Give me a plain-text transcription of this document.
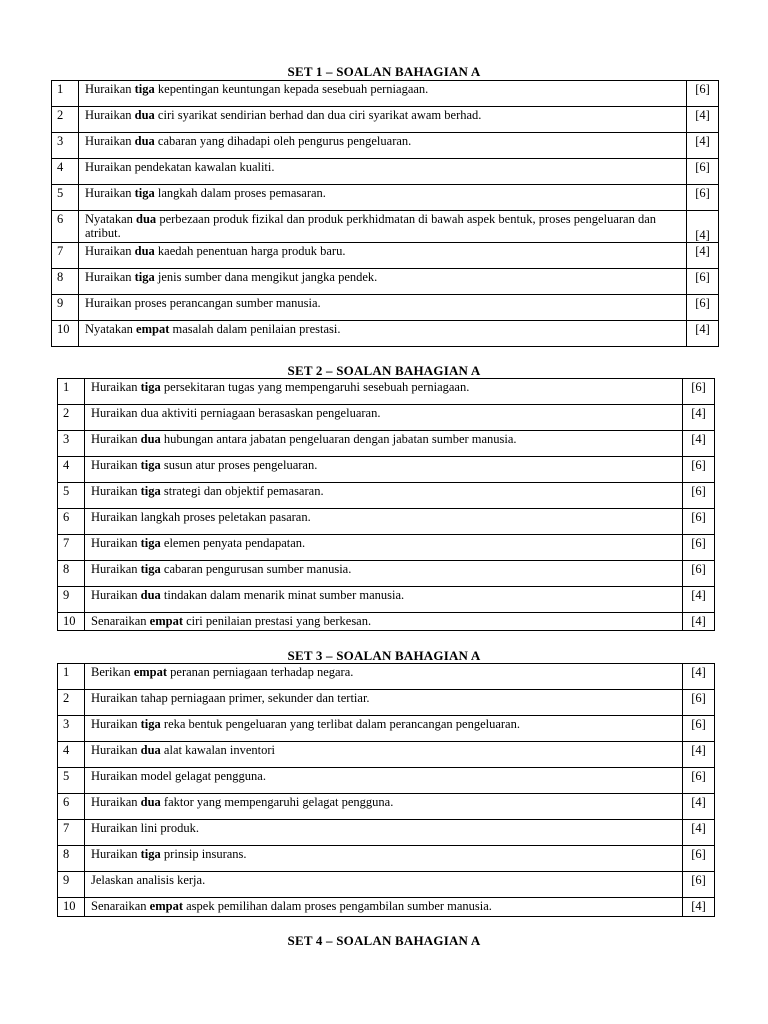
SET 1 – SOALAN BAHAGIAN A
1	Huraikan tiga kepentingan keuntungan kepada sesebuah perniagaan.	[6]
2	Huraikan dua ciri syarikat sendirian berhad dan dua ciri syarikat awam berhad.	[4]
3	Huraikan dua cabaran yang dihadapi oleh pengurus pengeluaran.	[4]
4	Huraikan pendekatan kawalan kualiti.	[6]
5	Huraikan tiga langkah dalam proses pemasaran.	[6]
6	Nyatakan dua perbezaan produk fizikal dan produk perkhidmatan di bawah aspek bentuk, proses pengeluaran dan atribut.	[4]
7	Huraikan dua kaedah penentuan harga produk baru.	[4]
8	Huraikan tiga jenis sumber dana mengikut jangka pendek.	[6]
9	Huraikan proses perancangan sumber manusia.	[6]
10	Nyatakan empat masalah dalam penilaian prestasi.	[4]
SET 2 – SOALAN BAHAGIAN A
1	Huraikan tiga persekitaran tugas yang mempengaruhi sesebuah perniagaan.	[6]
2	Huraikan dua aktiviti perniagaan berasaskan pengeluaran.	[4]
3	Huraikan dua hubungan antara jabatan pengeluaran dengan jabatan sumber manusia.	[4]
4	Huraikan tiga susun atur proses pengeluaran.	[6]
5	Huraikan tiga strategi dan objektif pemasaran.	[6]
6	Huraikan langkah proses peletakan pasaran.	[6]
7	Huraikan tiga elemen penyata pendapatan.	[6]
8	Huraikan tiga cabaran pengurusan sumber manusia.	[6]
9	Huraikan dua tindakan dalam menarik minat sumber manusia.	[4]
10	Senaraikan empat ciri penilaian prestasi yang berkesan.	[4]
SET 3 – SOALAN BAHAGIAN A
1	Berikan empat peranan perniagaan terhadap negara.	[4]
2	Huraikan tahap perniagaan primer, sekunder dan tertiar.	[6]
3	Huraikan tiga reka bentuk pengeluaran yang terlibat dalam perancangan pengeluaran.	[6]
4	Huraikan dua alat kawalan inventori	[4]
5	Huraikan model gelagat pengguna.	[6]
6	Huraikan dua faktor yang mempengaruhi gelagat pengguna.	[4]
7	Huraikan lini produk.	[4]
8	Huraikan tiga prinsip insurans.	[6]
9	Jelaskan analisis kerja.	[6]
10	Senaraikan empat aspek pemilihan dalam proses pengambilan sumber manusia.	[4]
SET 4 – SOALAN BAHAGIAN A
